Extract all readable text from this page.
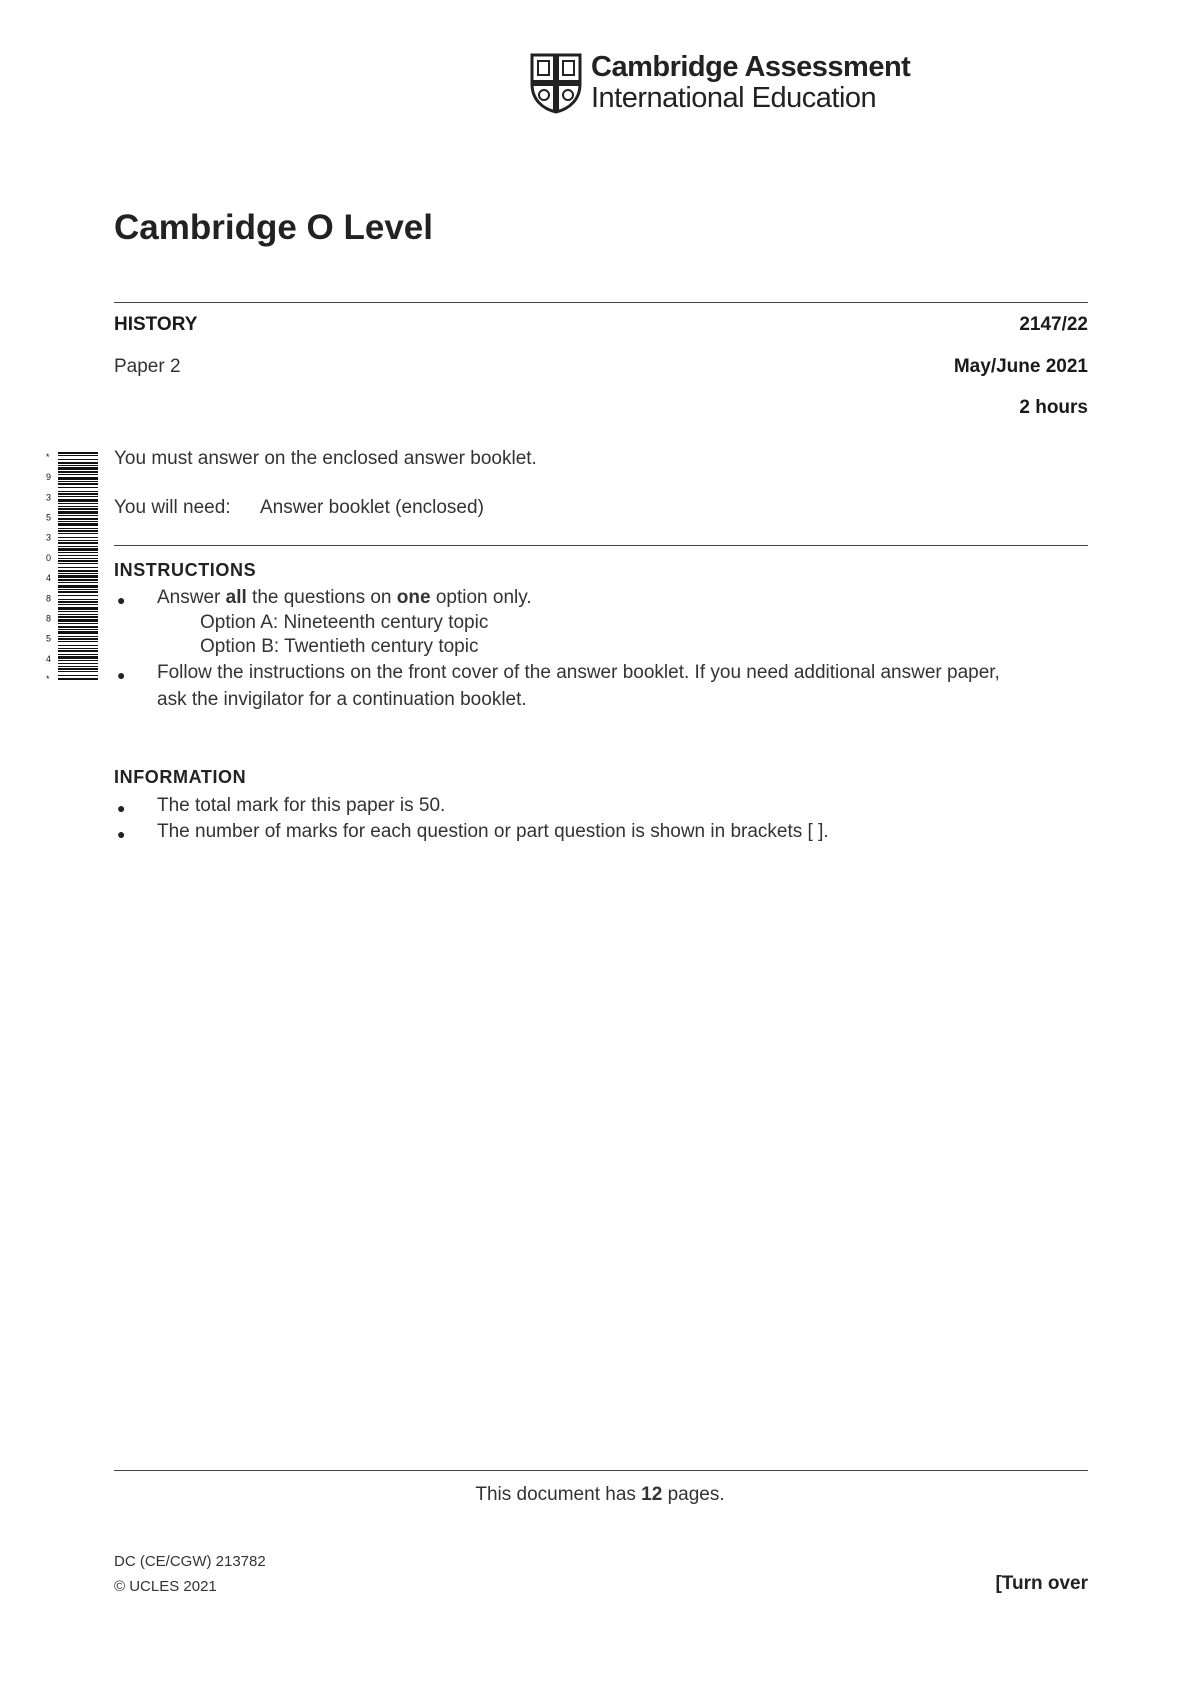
Cambridge Assessment
International Education
Cambridge O Level
HISTORY	2147/22
Paper 2	May/June 2021
2 hours
*
9
3
5
3
0
4
8
8
5
4
*
You must answer on the enclosed answer booklet.
You will need: Answer booklet (enclosed)
INSTRUCTIONS
● Answer all the questions on one option only.
Option A: Nineteenth century topic
Option B: Twentieth century topic
● Follow the instructions on the front cover of the answer booklet. If you need additional answer paper,
ask the invigilator for a continuation booklet.
INFORMATION
● The total mark for this paper is 50.
● The number of marks for each question or part question is shown in brackets [ ].
This document has 12 pages.
DC (CE/CGW) 213782
© UCLES 2021	[Turn over
